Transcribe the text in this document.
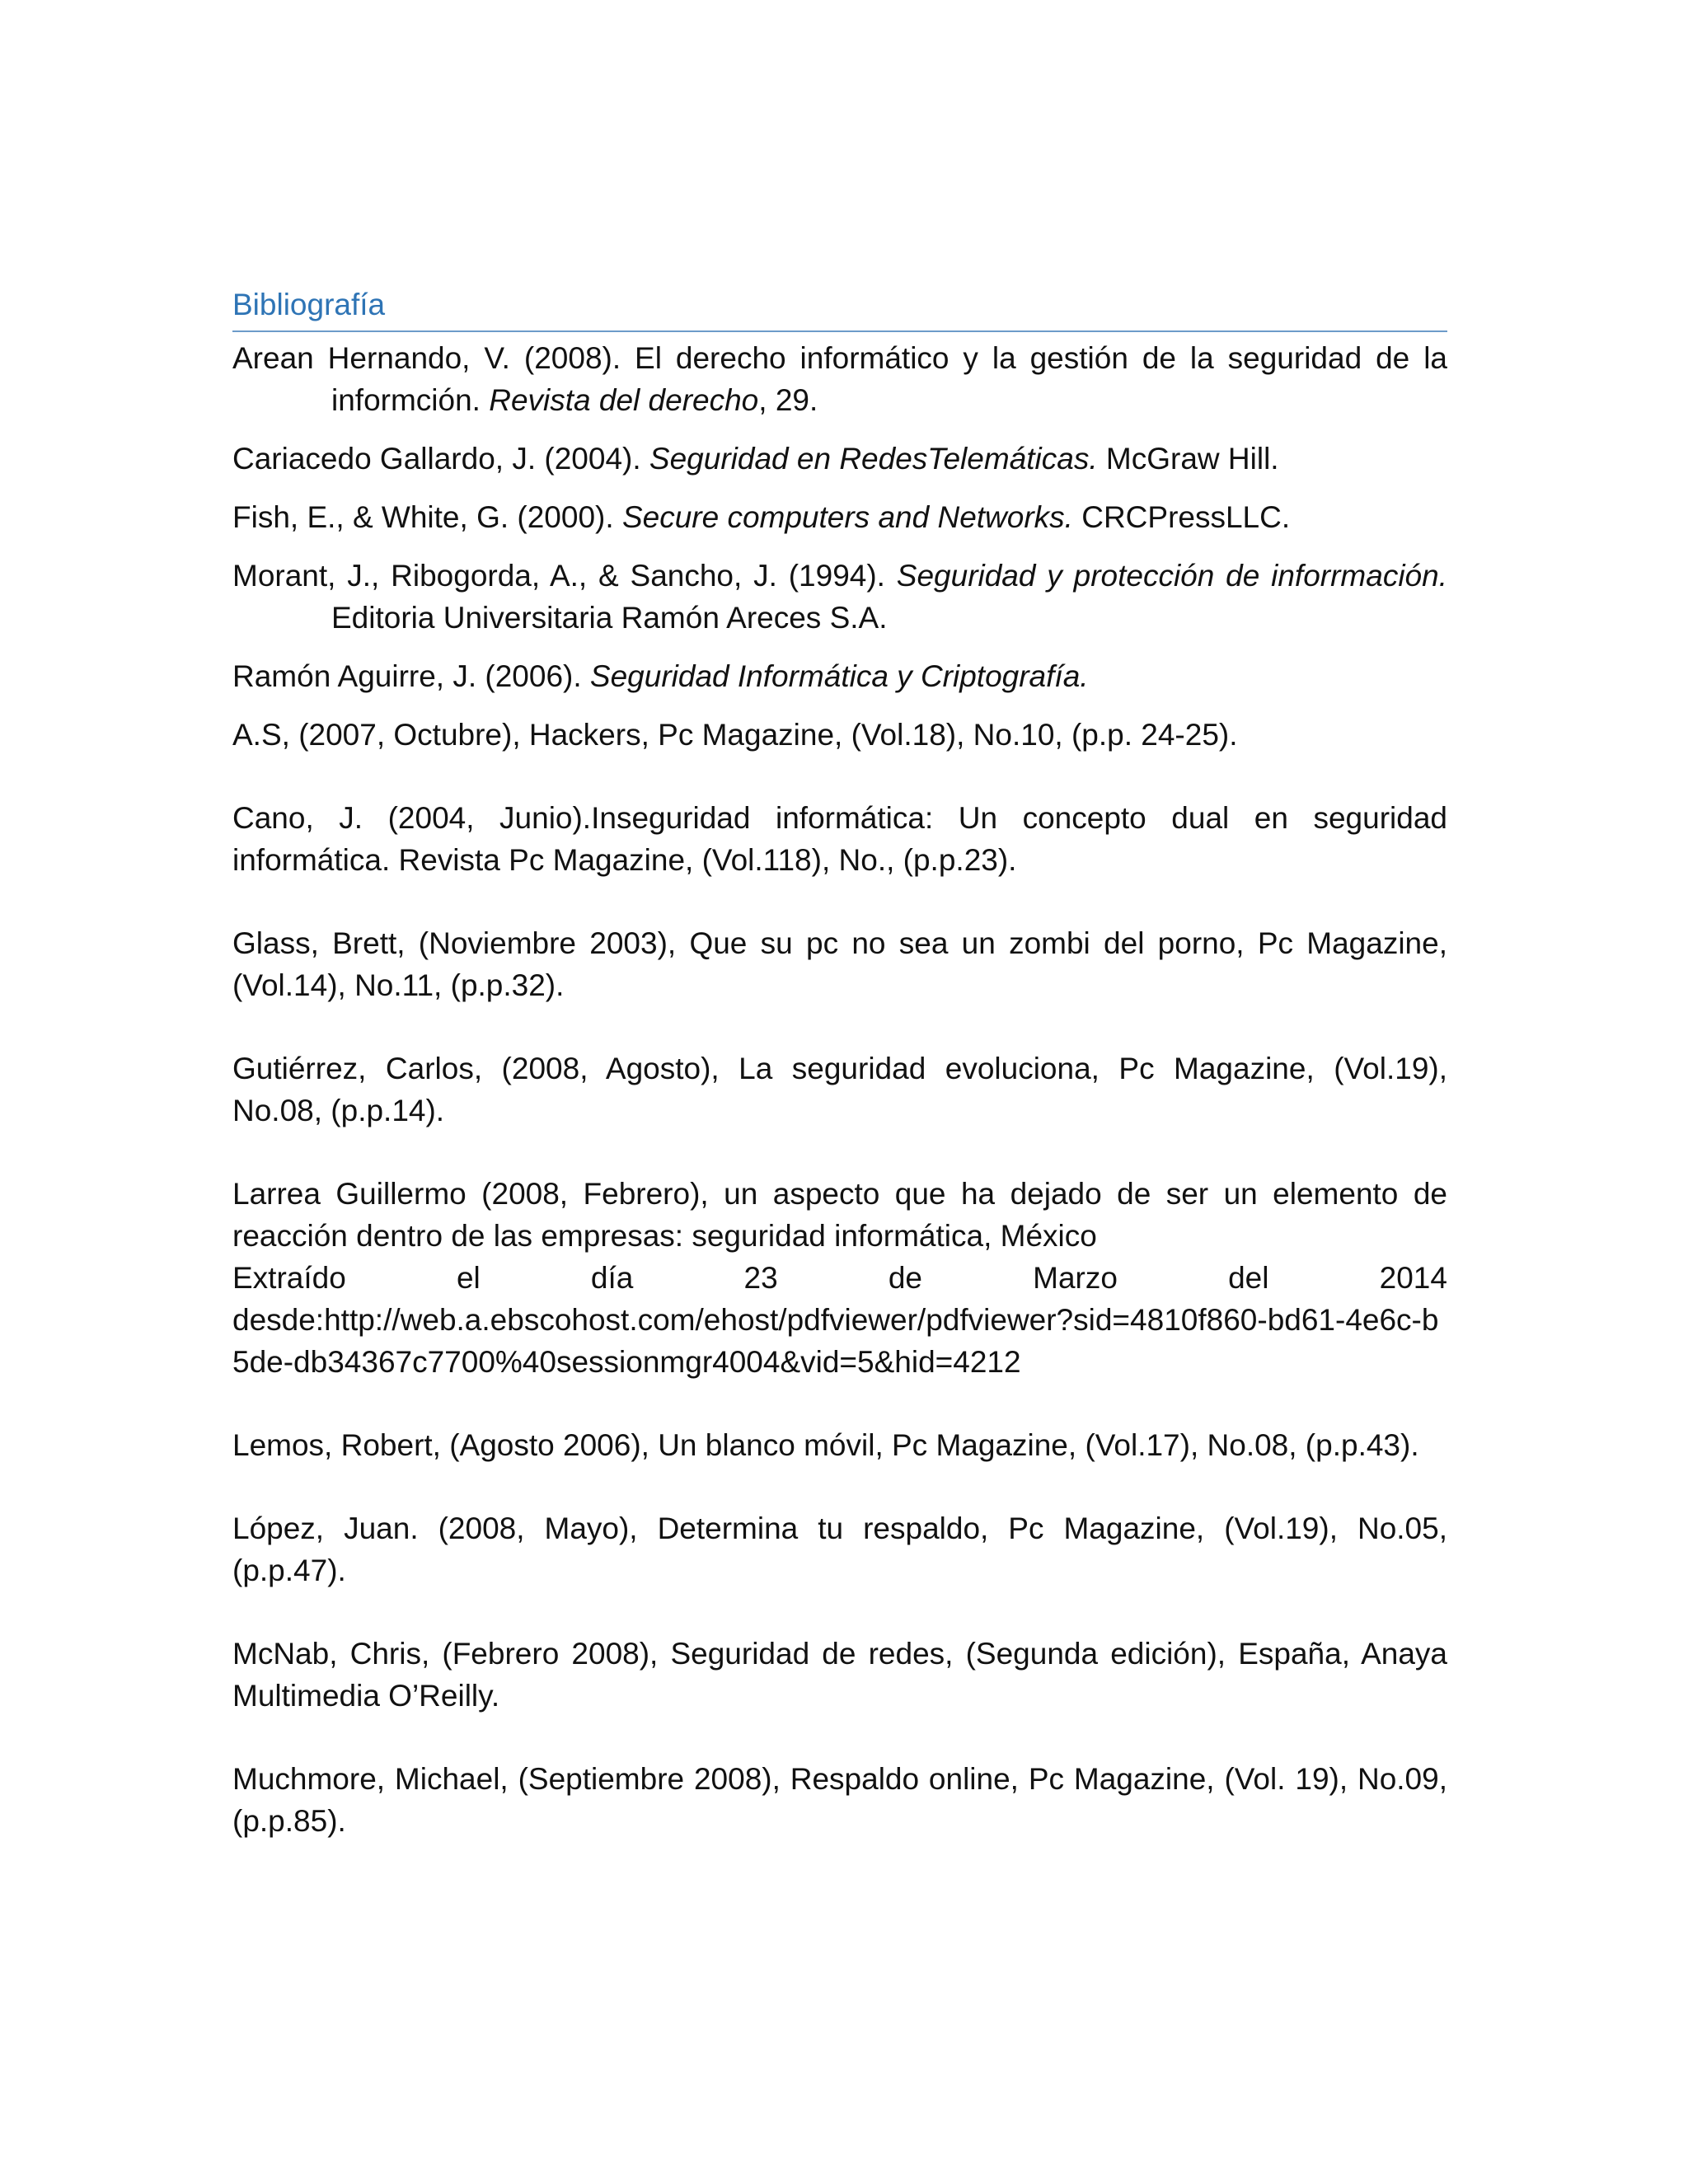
Bibliografía
Arean Hernando, V. (2008). El derecho informático y la gestión de la seguridad de la informción. Revista del derecho, 29.
Cariacedo Gallardo, J. (2004). Seguridad en RedesTelemáticas. McGraw Hill.
Fish, E., & White, G. (2000). Secure computers and Networks. CRCPressLLC.
Morant, J., Ribogorda, A., & Sancho, J. (1994). Seguridad y protección de inforrmación. Editoria Universitaria Ramón Areces S.A.
Ramón Aguirre, J. (2006). Seguridad Informática y Criptografía.
A.S, (2007, Octubre), Hackers, Pc Magazine, (Vol.18), No.10, (p.p. 24-25).
Cano, J. (2004, Junio).Inseguridad informática: Un concepto dual en seguridad informática. Revista Pc Magazine, (Vol.118), No., (p.p.23).
Glass, Brett, (Noviembre 2003), Que su pc no sea un zombi del porno, Pc Magazine, (Vol.14), No.11, (p.p.32).
Gutiérrez, Carlos, (2008, Agosto), La seguridad evoluciona, Pc Magazine, (Vol.19), No.08, (p.p.14).
Larrea Guillermo (2008, Febrero), un aspecto que ha dejado de ser un elemento de reacción dentro de las empresas: seguridad informática, México
Extraído	el	día	23	de	Marzo	del	2014
desde:http://web.a.ebscohost.com/ehost/pdfviewer/pdfviewer?sid=4810f860-bd61-4e6c-b5de-db34367c7700%40sessionmgr4004&vid=5&hid=4212
Lemos, Robert, (Agosto 2006), Un blanco móvil, Pc Magazine, (Vol.17), No.08, (p.p.43).
López, Juan. (2008, Mayo), Determina tu respaldo, Pc Magazine, (Vol.19), No.05, (p.p.47).
McNab, Chris, (Febrero 2008), Seguridad de redes, (Segunda edición), España, Anaya Multimedia O’Reilly.
Muchmore, Michael, (Septiembre 2008), Respaldo online, Pc Magazine, (Vol. 19), No.09, (p.p.85).
